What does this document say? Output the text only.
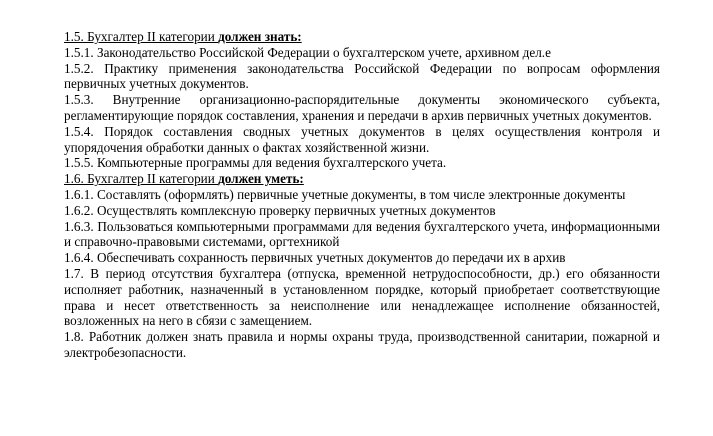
1.5. Бухгалтер II категории должен знать:

1.5.1. Законодательство Российской Федерации о бухгалтерском учете, архивном дел.е

1.5.2. Практику применения законодательства Российской Федерации по вопросам оформления первичных учетных документов.

1.5.3. Внутренние организационно-распорядительные документы экономического субъекта, регламентирующие порядок составления, хранения и передачи в архив первичных учетных документов.

1.5.4. Порядок составления сводных учетных документов в целях осуществления контроля и упорядочения обработки данных о фактах хозяйственной жизни.

1.5.5. Компьютерные программы для ведения бухгалтерского учета.

1.6. Бухгалтер II категории должен уметь:

1.6.1. Составлять (оформлять) первичные учетные документы, в том числе электронные документы

1.6.2. Осуществлять комплексную проверку первичных учетных документов

1.6.3. Пользоваться компьютерными программами для ведения бухгалтерского учета, информационными и справочно-правовыми системами, оргтехникой

1.6.4. Обеспечивать сохранность первичных учетных документов до передачи их в архив

1.7. В период отсутствия бухгалтера (отпуска, временной нетрудоспособности, др.) его обязанности исполняет работник, назначенный в установленном порядке, который приобретает соответствующие права и несет ответственность за неисполнение или ненадлежащее исполнение обязанностей, возложенных на него в сбязи с замещением.

1.8. Работник должен знать правила и нормы охраны труда, производственной санитарии, пожарной и электробезопасности.
